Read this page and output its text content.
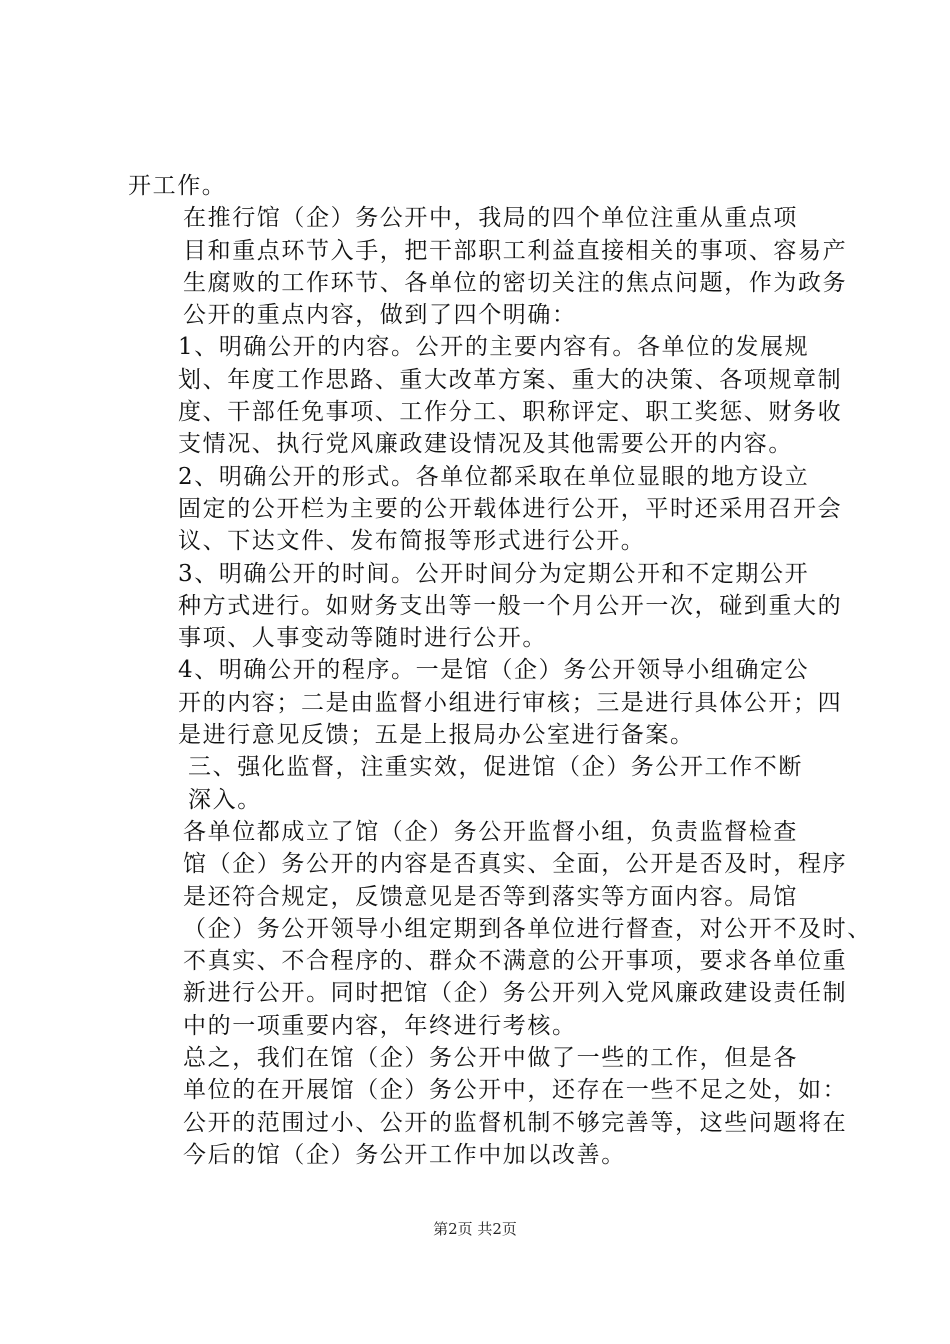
开工作。
在推行馆（企）务公开中，我局的四个单位注重从重点项
目和重点环节入手，把干部职工利益直接相关的事项、容易产
生腐败的工作环节、各单位的密切关注的焦点问题，作为政务
公开的重点内容，做到了四个明确：
1、明确公开的内容。公开的主要内容有。各单位的发展规
划、年度工作思路、重大改革方案、重大的决策、各项规章制
度、干部任免事项、工作分工、职称评定、职工奖惩、财务收
支情况、执行党风廉政建设情况及其他需要公开的内容。
2、明确公开的形式。各单位都采取在单位显眼的地方设立
固定的公开栏为主要的公开载体进行公开，平时还采用召开会
议、下达文件、发布简报等形式进行公开。
3、明确公开的时间。公开时间分为定期公开和不定期公开
种方式进行。如财务支出等一般一个月公开一次，碰到重大的
事项、人事变动等随时进行公开。
4、明确公开的程序。一是馆（企）务公开领导小组确定公
开的内容；二是由监督小组进行审核；三是进行具体公开；四
是进行意见反馈；五是上报局办公室进行备案。
三、强化监督，注重实效，促进馆（企）务公开工作不断
深入。
各单位都成立了馆（企）务公开监督小组，负责监督检查
馆（企）务公开的内容是否真实、全面，公开是否及时，程序
是还符合规定，反馈意见是否等到落实等方面内容。局馆
（企）务公开领导小组定期到各单位进行督查，对公开不及时、
不真实、不合程序的、群众不满意的公开事项，要求各单位重
新进行公开。同时把馆（企）务公开列入党风廉政建设责任制
中的一项重要内容，年终进行考核。
总之，我们在馆（企）务公开中做了一些的工作，但是各
单位的在开展馆（企）务公开中，还存在一些不足之处，如：
公开的范围过小、公开的监督机制不够完善等，这些问题将在
今后的馆（企）务公开工作中加以改善。
第2页 共2页
